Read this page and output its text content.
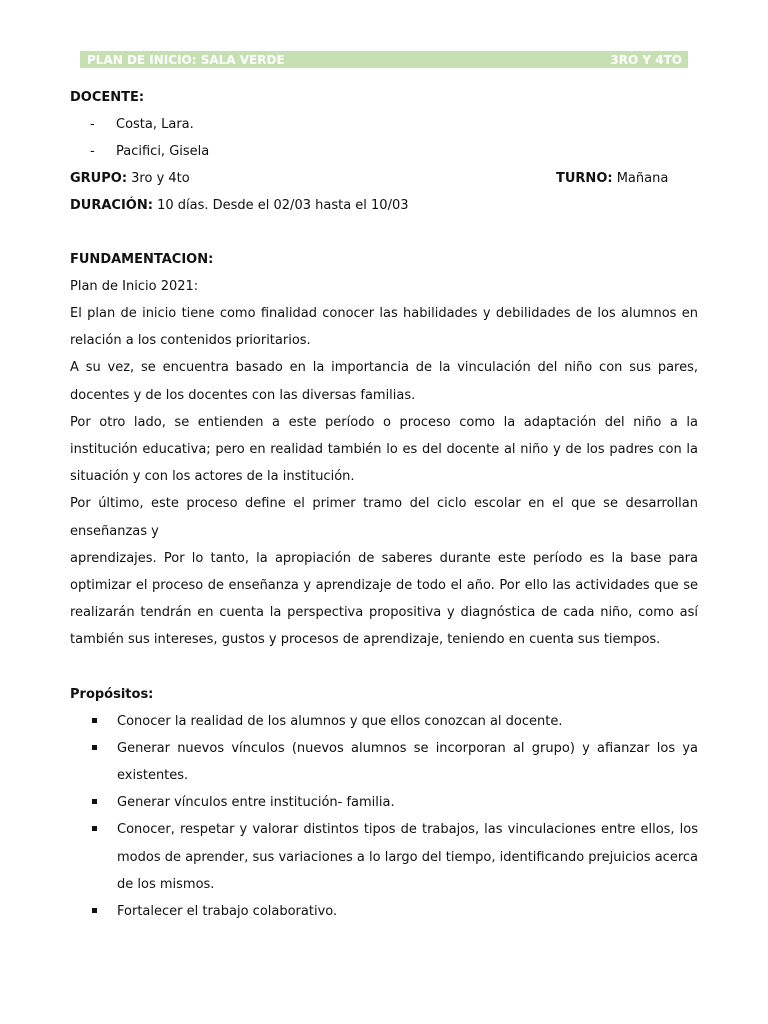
PLAN DE INICIO: SALA VERDE	3RO Y 4TO
DOCENTE:
- Costa, Lara.
- Pacifici, Gisela
GRUPO: 3ro y 4to	TURNO: Mañana
DURACIÓN: 10 días. Desde el 02/03 hasta el 10/03
FUNDAMENTACION:
Plan de Inicio 2021:

El plan de inicio tiene como finalidad conocer las habilidades y debilidades de los alumnos en relación a los contenidos prioritarios.

A su vez, se encuentra basado en la importancia de la vinculación del niño con sus pares, docentes y de los docentes con las diversas familias.

Por otro lado, se entienden a este período o proceso como la adaptación del niño a la institución educativa; pero en realidad también lo es del docente al niño y de los padres con la situación y con los actores de la institución.

Por último, este proceso define el primer tramo del ciclo escolar en el que se desarrollan enseñanzas y

aprendizajes. Por lo tanto, la apropiación de saberes durante este período es la base para optimizar el proceso de enseñanza y aprendizaje de todo el año. Por ello las actividades que se realizarán tendrán en cuenta la perspectiva propositiva y diagnóstica de cada niño, como así también sus intereses, gustos y procesos de aprendizaje, teniendo en cuenta sus tiempos.

Propósitos:
Conocer la realidad de los alumnos y que ellos conozcan al docente.
Generar nuevos vínculos (nuevos alumnos se incorporan al grupo) y afianzar los ya existentes.
Generar vínculos entre institución- familia.
Conocer, respetar y valorar distintos tipos de trabajos, las vinculaciones entre ellos, los modos de aprender, sus variaciones a lo largo del tiempo, identificando prejuicios acerca de los mismos.
Fortalecer el trabajo colaborativo.
